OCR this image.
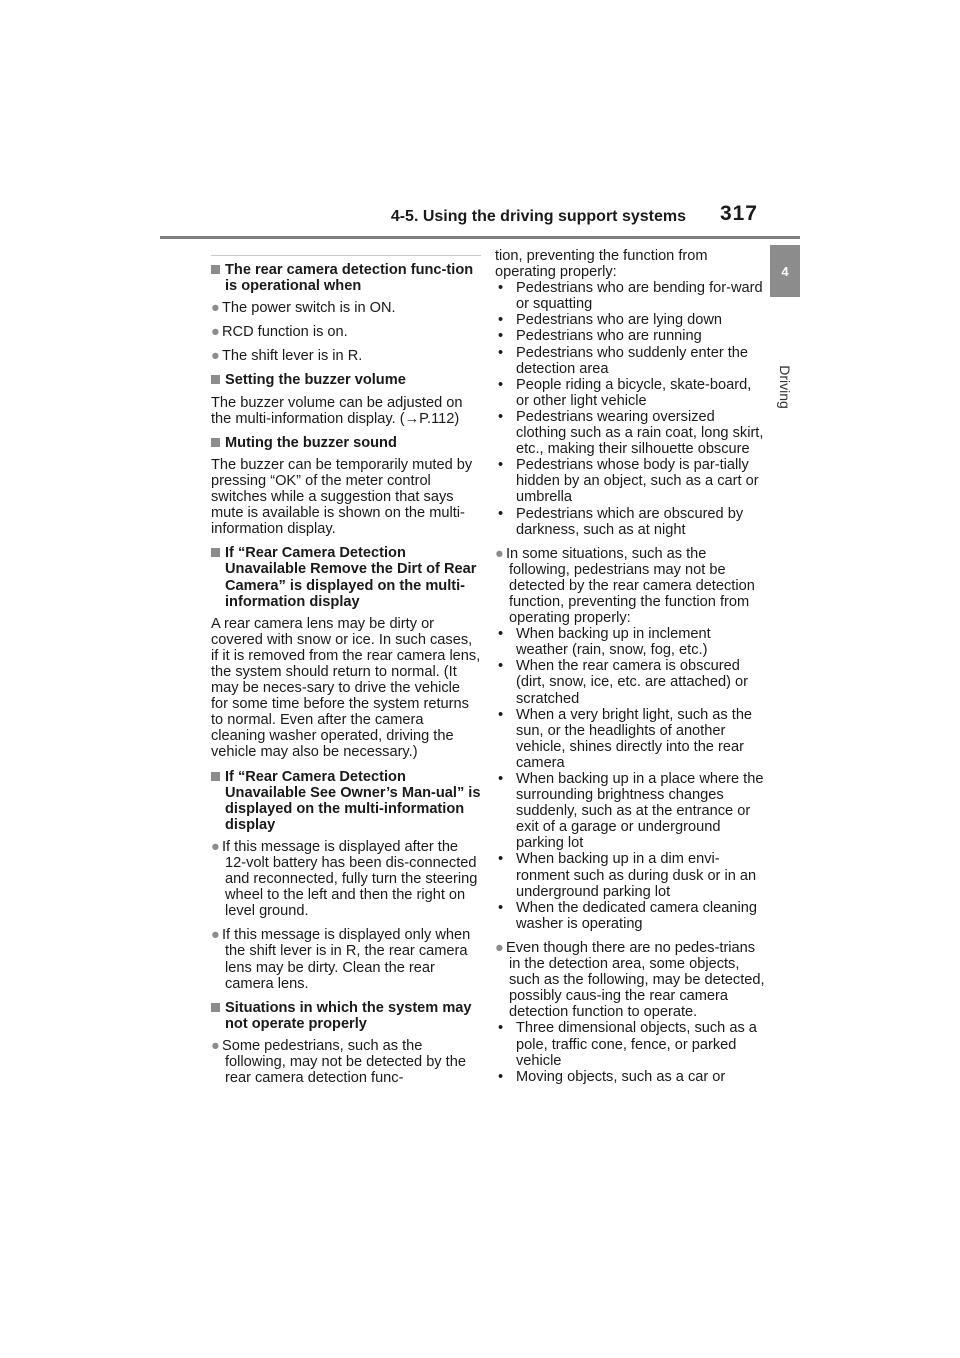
4-5. Using the driving support systems 317
4
Driving

The rear camera detection func-tion is operational when

● The power switch is in ON.

● RCD function is on.

● The shift lever is in R.

Setting the buzzer volume

The buzzer volume can be adjusted on the multi-information display. (→P.112)

Muting the buzzer sound

The buzzer can be temporarily muted by pressing “OK” of the meter control switches while a suggestion that says mute is available is shown on the multi-information display.

If “Rear Camera Detection Unavailable Remove the Dirt of Rear Camera” is displayed on the multi-information display

A rear camera lens may be dirty or covered with snow or ice. In such cases, if it is removed from the rear camera lens, the system should return to normal. (It may be neces-sary to drive the vehicle for some time before the system returns to normal. Even after the camera cleaning washer operated, driving the vehicle may also be necessary.)

If “Rear Camera Detection Unavailable See Owner’s Man-ual” is displayed on the multi-information display

● If this message is displayed after the 12-volt battery has been dis-connected and reconnected, fully turn the steering wheel to the left and then the right on level ground.

● If this message is displayed only when the shift lever is in R, the rear camera lens may be dirty. Clean the rear camera lens.

Situations in which the system may not operate properly

● Some pedestrians, such as the following, may not be detected by the rear camera detection func-

tion, preventing the function from operating properly:

• Pedestrians who are bending for-ward or squatting
• Pedestrians who are lying down
• Pedestrians who are running
• Pedestrians who suddenly enter the detection area
• People riding a bicycle, skate-board, or other light vehicle
• Pedestrians wearing oversized clothing such as a rain coat, long skirt, etc., making their silhouette obscure
• Pedestrians whose body is par-tially hidden by an object, such as a cart or umbrella
• Pedestrians which are obscured by darkness, such as at night

● In some situations, such as the following, pedestrians may not be detected by the rear camera detection function, preventing the function from operating properly:

• When backing up in inclement weather (rain, snow, fog, etc.)
• When the rear camera is obscured (dirt, snow, ice, etc. are attached) or scratched
• When a very bright light, such as the sun, or the headlights of another vehicle, shines directly into the rear camera
• When backing up in a place where the surrounding brightness changes suddenly, such as at the entrance or exit of a garage or underground parking lot
• When backing up in a dim envi-ronment such as during dusk or in an underground parking lot
• When the dedicated camera cleaning washer is operating

● Even though there are no pedes-trians in the detection area, some objects, such as the following, may be detected, possibly caus-ing the rear camera detection function to operate.

• Three dimensional objects, such as a pole, traffic cone, fence, or parked vehicle
• Moving objects, such as a car or
